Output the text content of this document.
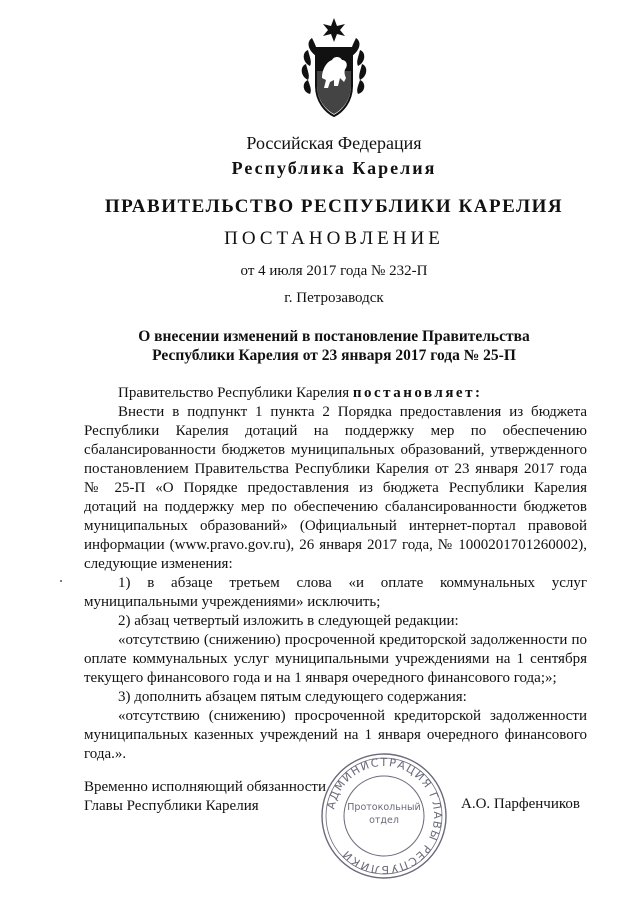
Российская Федерация
Республика Карелия
ПРАВИТЕЛЬСТВО РЕСПУБЛИКИ КАРЕЛИЯ
ПОСТАНОВЛЕНИЕ
от 4 июля 2017 года № 232-П
г. Петрозаводск
О внесении изменений в постановление Правительства
Республики Карелия от 23 января 2017 года № 25-П

Правительство Республики Карелия постановляет:

Внести в подпункт 1 пункта 2 Порядка предоставления из бюджета Республики Карелия дотаций на поддержку мер по обеспечению сбалансированности бюджетов муниципальных образований, утвержденного постановлением Правительства Республики Карелия от 23 января 2017 года № 25-П «О Порядке предоставления из бюджета Республики Карелия дотаций на поддержку мер по обеспечению сбалансированности бюджетов муниципальных образований» (Официальный интернет-портал правовой информации (www.pravo.gov.ru), 26 января 2017 года, № 1000201701260002), следующие изменения:

1) в абзаце третьем слова «и оплате коммунальных услуг муниципальными учреждениями» исключить;

2) абзац четвертый изложить в следующей редакции:

«отсутствию (снижению) просроченной кредиторской задолженности по оплате коммунальных услуг муниципальными учреждениями на 1 сентября текущего финансового года и на 1 января очередного финансового года;»;

3) дополнить абзацем пятым следующего содержания:

«отсутствию (снижению) просроченной кредиторской задолженности муниципальных казенных учреждений на 1 января очередного финансового года.».

Временно исполняющий обязанности
Главы Республики Карелия	А.О. Парфенчиков
АДМИНИСТРАЦИЯ ГЛАВЫ РЕСПУБЛИКИ
Протокольный
отдел
